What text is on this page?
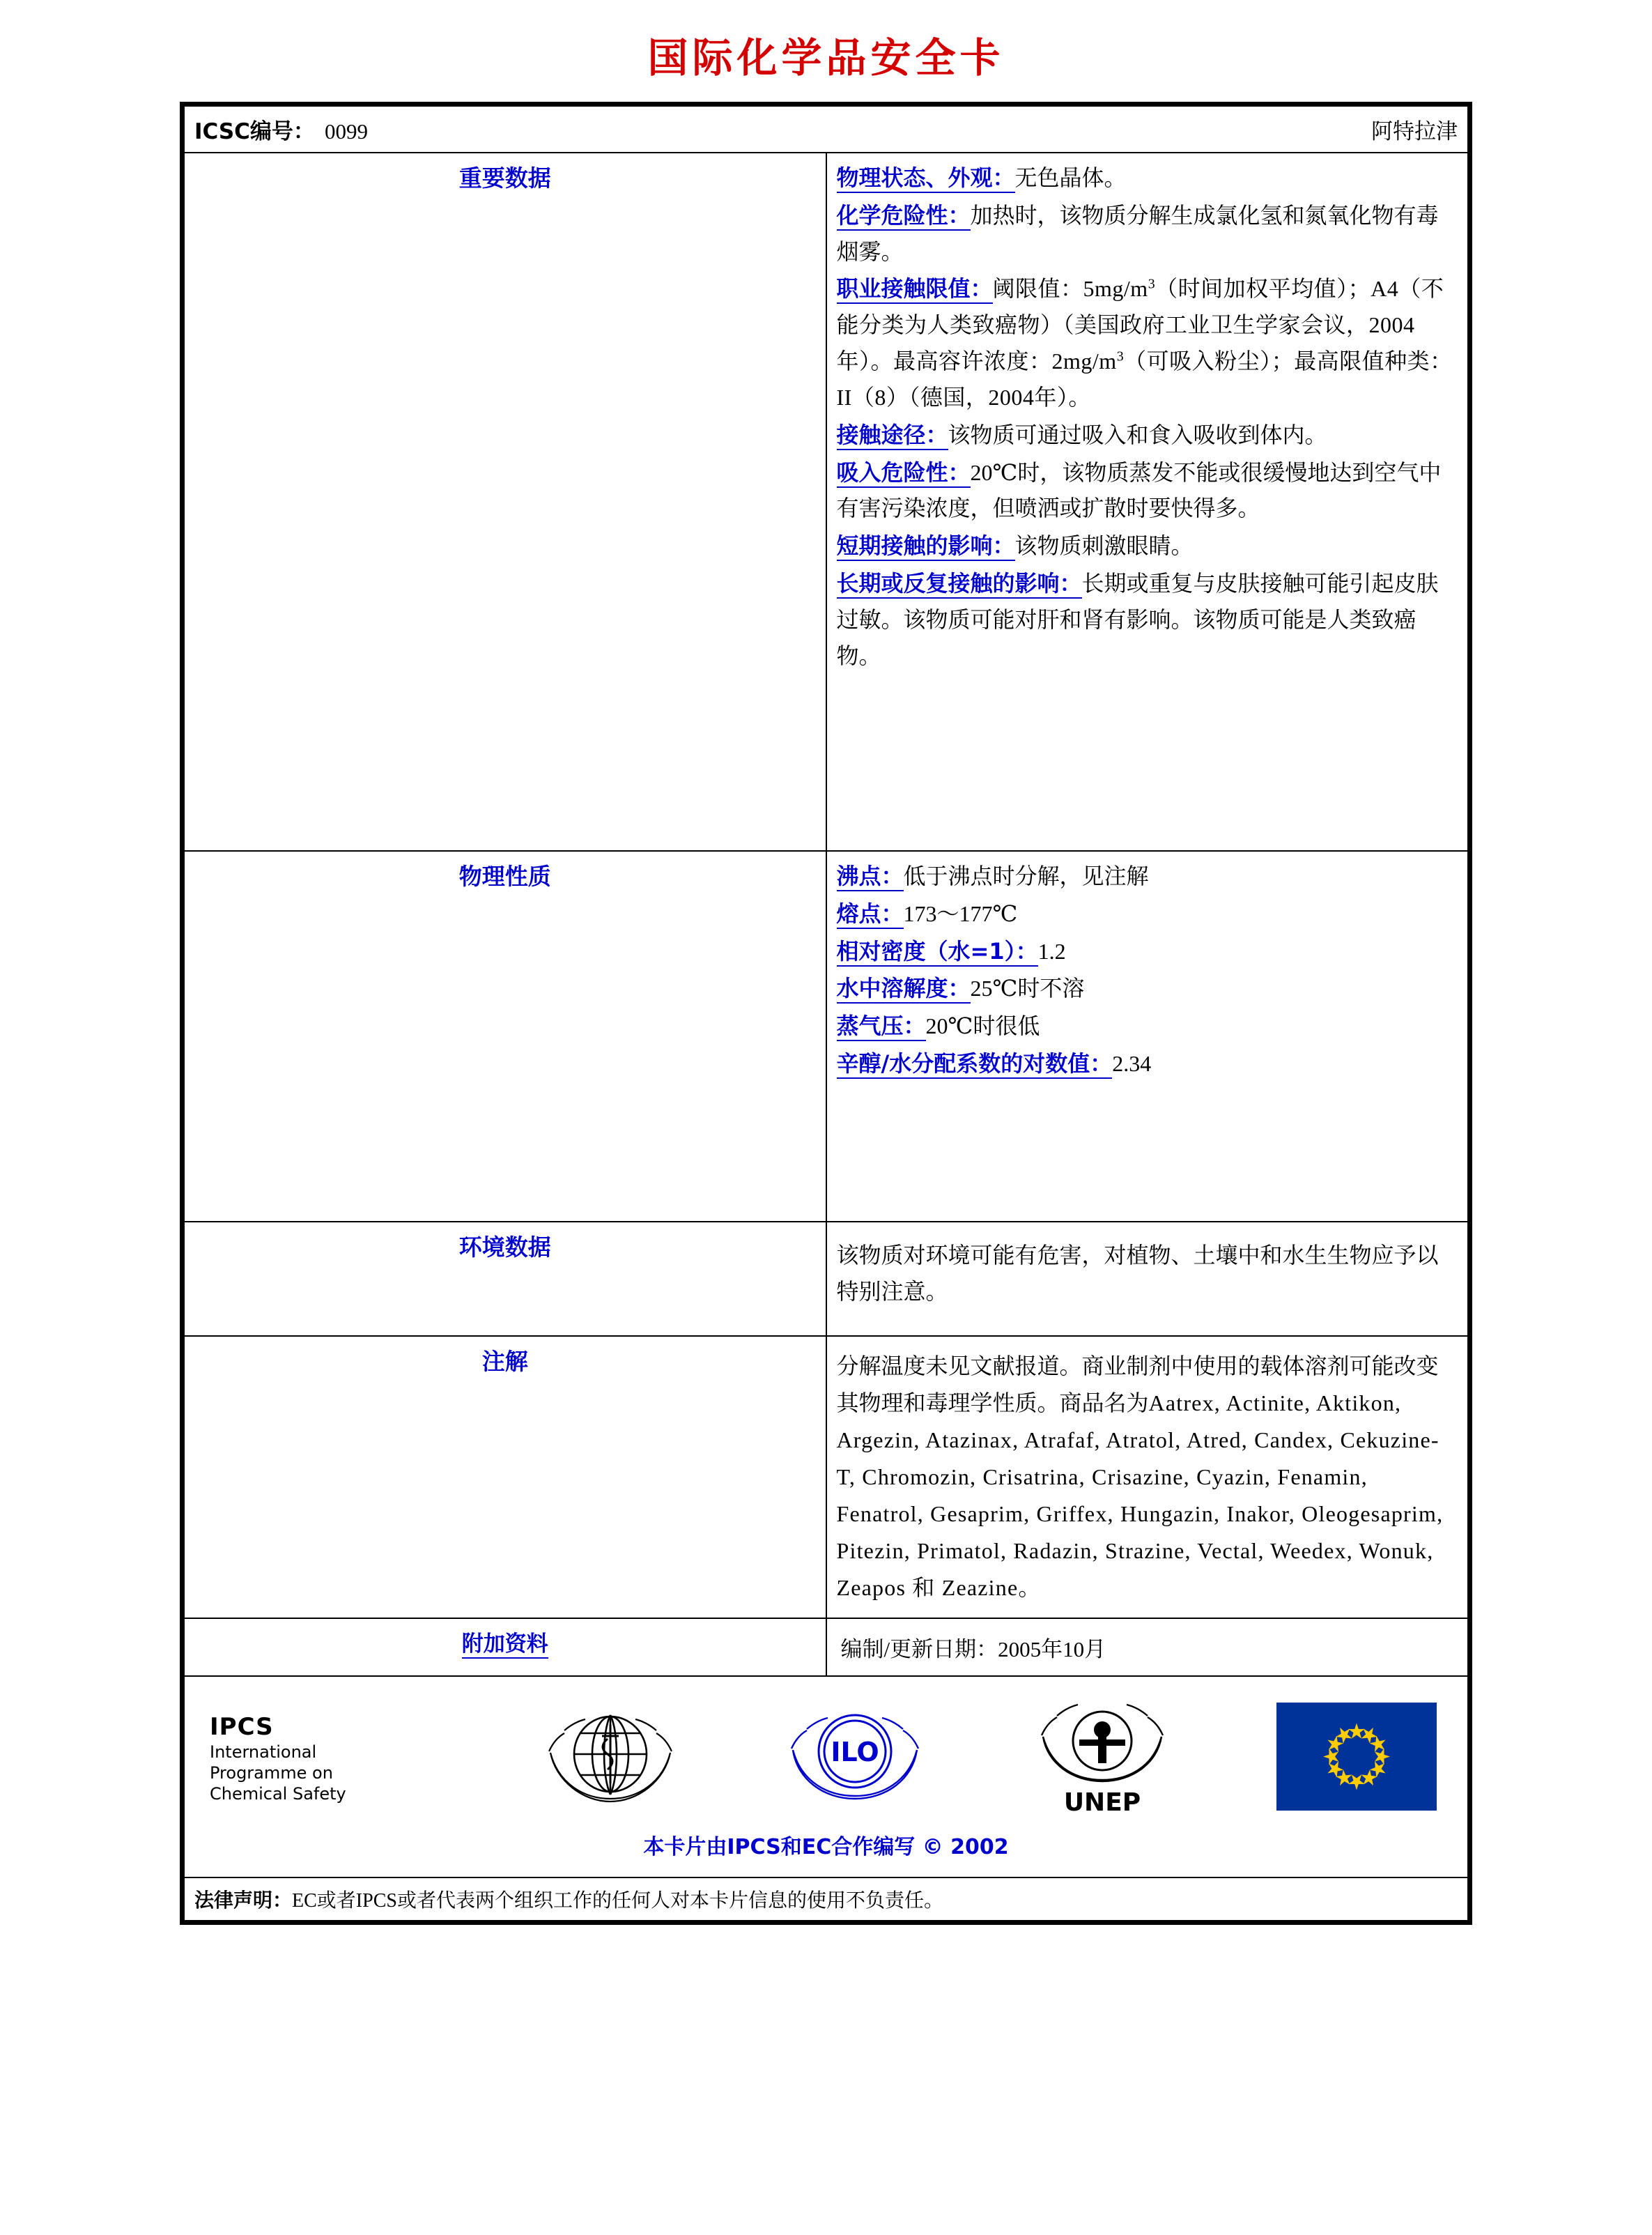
国际化学品安全卡
ICSC编号： 0099 阿特拉津	

重要数据	物理状态、外观：无色晶体。

化学危险性：加热时，该物质分解生成氯化氢和氮氧化物有毒烟雾。

职业接触限值：阈限值：$5mg/m^3$（时间加权平均值）；A4（不能分类为人类致癌物）（美国政府工业卫生学家会议，2004年）。最高容许浓度：$2mg/m^3$（可吸入粉尘）；最高限值种类：II（8）（德国，2004年）。

接触途径：该物质可通过吸入和食入吸收到体内。

吸入危险性：20℃时，该物质蒸发不能或很缓慢地达到空气中有害污染浓度，但喷洒或扩散时要快得多。

短期接触的影响：该物质刺激眼睛。

长期或反复接触的影响：长期或重复与皮肤接触可能引起皮肤过敏。该物质可能对肝和肾有影响。该物质可能是人类致癌物。

物理性质	沸点：低于沸点时分解，见注解

熔点：173～177℃

相对密度（水=1）：1.2

水中溶解度：25℃时不溶

蒸气压：20℃时很低

辛醇/水分配系数的对数值：2.34

环境数据	该物质对环境可能有危害，对植物、土壤中和水生生物应予以特别注意。

注解	分解温度未见文献报道。商业制剂中使用的载体溶剂可能改变其物理和毒理学性质。商品名为Aatrex, Actinite, Aktikon, Argezin, Atazinax, Atrafaf, Atratol, Atred, Candex, Cekuzine-T, Chromozin, Crisatrina, Crisazine, Cyazin, Fenamin, Fenatrol, Gesaprim, Griffex, Hungazin, Inakor, Oleogesaprim, Pitezin, Primatol, Radazin, Strazine, Vectal, Weedex, Wonuk, Zeapos 和 Zeazine。

附加资料	编制/更新日期：2005年10月

IPCS
International
Programme on
Chemical Safety
ILO
UNEP
本卡片由IPCS和EC合作编写 © 2002

法律声明：EC或者IPCS或者代表两个组织工作的任何人对本卡片信息的使用不负责任。	
